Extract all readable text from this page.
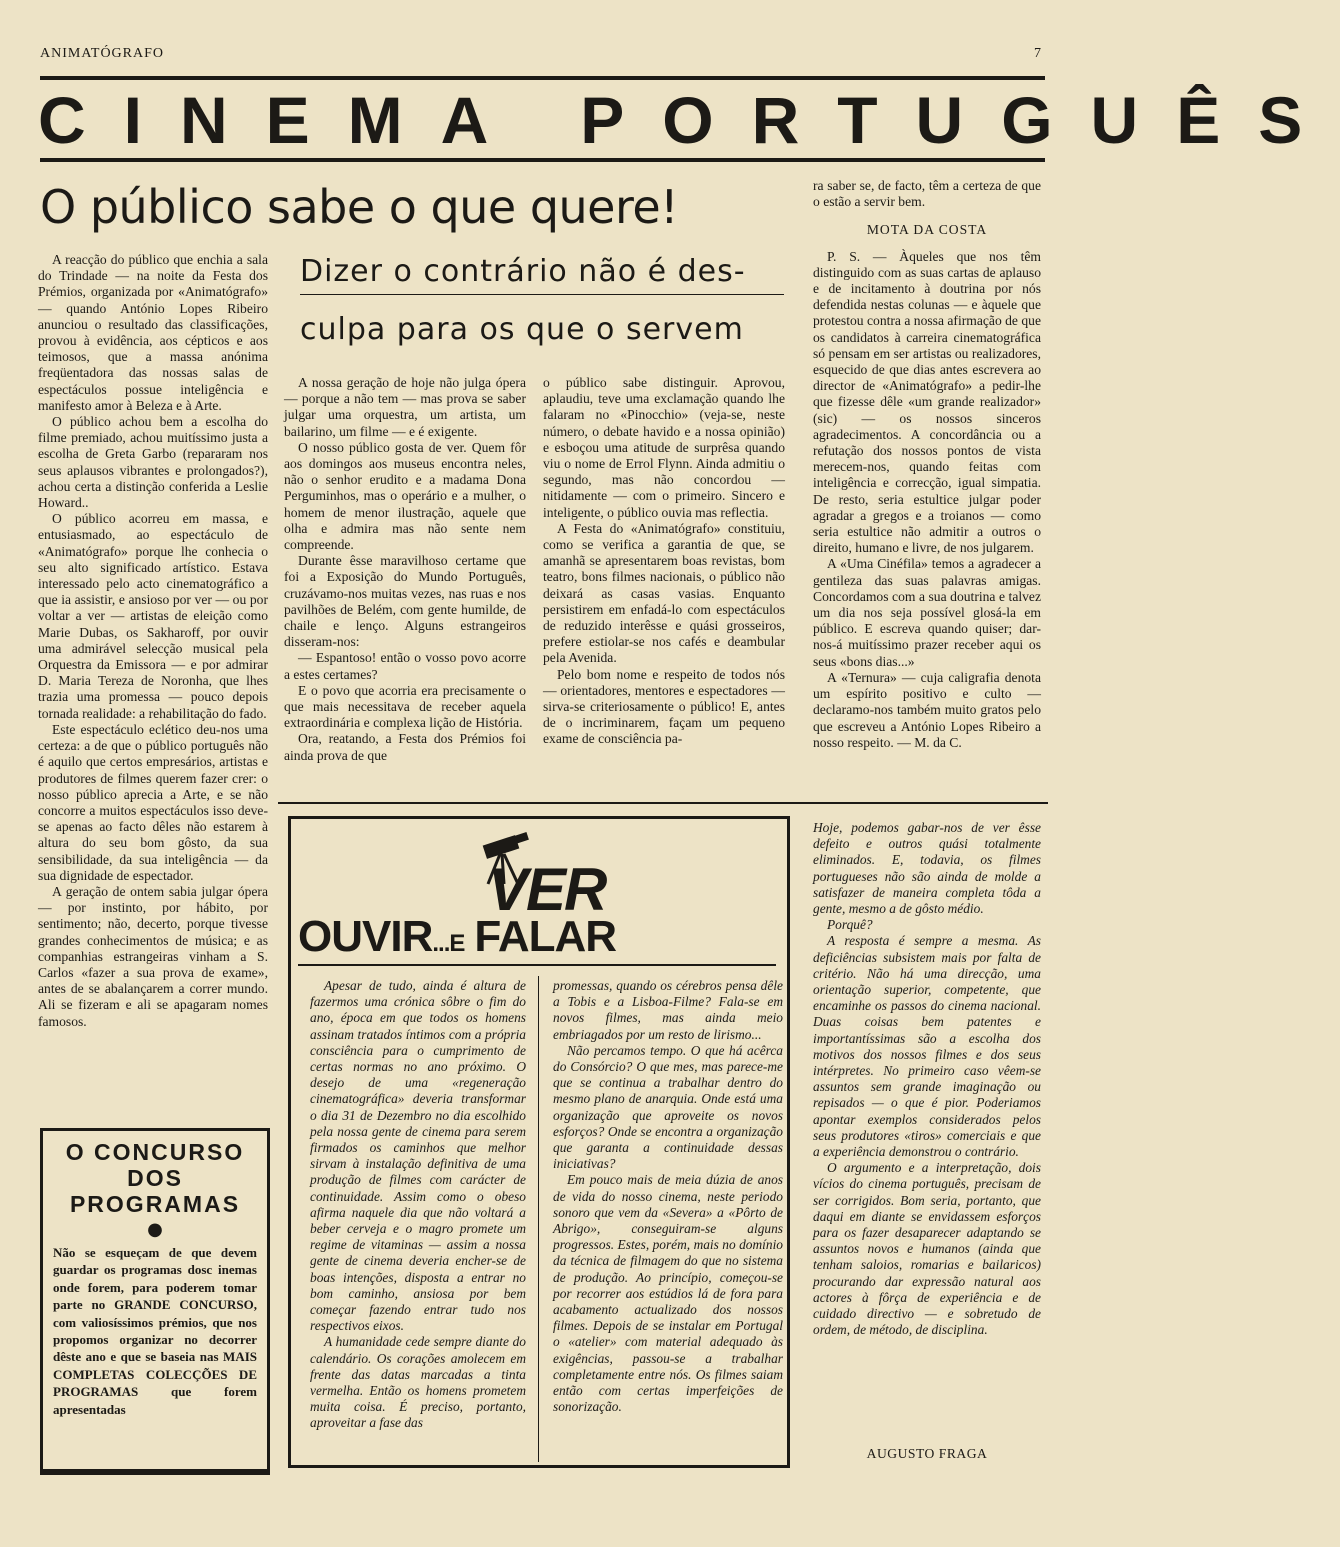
ANIMATÓGRAFO	7
CINEMA PORTUGUÊS
O público sabe o que quere!
Dizer o contrário não é des-
culpa para os que o servem

A reacção do público que enchia a sala do Trindade — na noite da Festa dos Prémios, organizada por «Animatógrafo» — quando António Lopes Ribeiro anunciou o resultado das classificações, provou à evidência, aos cépticos e aos teimosos, que a massa anónima freqüentadora das nossas salas de espectáculos possue inteligência e manifesto amor à Beleza e à Arte.

O público achou bem a escolha do filme premiado, achou muitíssimo justa a escolha de Greta Garbo (repararam nos seus aplausos vibrantes e prolongados?), achou certa a distinção conferida a Leslie Howard..

O público acorreu em massa, e entusiasmado, ao espectáculo de «Animatógrafo» porque lhe conhecia o seu alto significado artístico. Estava interessado pelo acto cinematográfico a que ia assistir, e ansioso por ver — ou por voltar a ver — artistas de eleição como Marie Dubas, os Sakharoff, por ouvir uma admirável selecção musical pela Orquestra da Emissora — e por admirar D. Maria Tereza de Noronha, que lhes trazia uma promessa — pouco depois tornada realidade: a rehabilitação do fado.

Este espectáculo eclético deu-nos uma certeza: a de que o público português não é aquilo que certos empresários, artistas e produtores de filmes querem fazer crer: o nosso público aprecia a Arte, e se não concorre a muitos espectáculos isso deve-se apenas ao facto dêles não estarem à altura do seu bom gôsto, da sua sensibilidade, da sua inteligência — da sua dignidade de espectador.

A geração de ontem sabia julgar ópera — por instinto, por hábito, por sentimento; não, decerto, porque tivesse grandes conhecimentos de música; e as companhias estrangeiras vinham a S. Carlos «fazer a sua prova de exame», antes de se abalançarem a correr mundo. Ali se fizeram e ali se apagaram nomes famosos.

O CONCURSO
DOS
PROGRAMAS
●
Não se esqueçam de que devem guardar os programas dosc inemas onde forem, para poderem tomar parte no GRANDE CONCURSO, com valiosíssimos prémios, que nos propomos organizar no decorrer dêste ano e que se baseia nas MAIS COMPLETAS COLECÇÕES DE PROGRAMAS que forem apresentadas

A nossa geração de hoje não julga ópera — porque a não tem — mas prova se saber julgar uma orquestra, um artista, um bailarino, um filme — e é exigente.

O nosso público gosta de ver. Quem fôr aos domingos aos museus encontra neles, não o senhor erudito e a madama Dona Perguminhos, mas o operário e a mulher, o homem de menor ilustração, aquele que olha e admira mas não sente nem compreende.

Durante êsse maravilhoso certame que foi a Exposição do Mundo Português, cruzávamo-nos muitas vezes, nas ruas e nos pavilhões de Belém, com gente humilde, de chaile e lenço. Alguns estrangeiros disseram-nos:

— Espantoso! então o vosso povo acorre a estes certames?

E o povo que acorria era precisamente o que mais necessitava de receber aquela extraordinária e complexa lição de História.

Ora, reatando, a Festa dos Prémios foi ainda prova de que

o público sabe distinguir. Aprovou, aplaudiu, teve uma exclamação quando lhe falaram no «Pinocchio» (veja-se, neste número, o debate havido e a nossa opinião) e esboçou uma atitude de surprêsa quando viu o nome de Errol Flynn. Ainda admitiu o segundo, mas não concordou — nitidamente — com o primeiro. Sincero e inteligente, o público ouvia mas reflectia.

A Festa do «Animatógrafo» constituiu, como se verifica a garantia de que, se amanhã se apresentarem boas revistas, bom teatro, bons filmes nacionais, o público não deixará as casas vasias. Enquanto persistirem em enfadá-lo com espectáculos de reduzido interêsse e quási grosseiros, prefere estiolar-se nos cafés e deambular pela Avenida.

Pelo bom nome e respeito de todos nós — orientadores, mentores e espectadores — sirva-se criteriosamente o público! E, antes de o incriminarem, façam um pequeno exame de consciência pa-

ra saber se, de facto, têm a certeza de que o estão a servir bem.

MOTA DA COSTA

P. S. — Àqueles que nos têm distinguido com as suas cartas de aplauso e de incitamento à doutrina por nós defendida nestas colunas — e àquele que protestou contra a nossa afirmação de que os candidatos à carreira cinematográfica só pensam em ser artistas ou realizadores, esquecido de que dias antes escrevera ao director de «Animatógrafo» a pedir-lhe que fizesse dêle «um grande realizador» (sic) — os nossos sinceros agradecimentos. A concordância ou a refutação dos nossos pontos de vista merecem-nos, quando feitas com inteligência e correcção, igual simpatia. De resto, seria estultice julgar poder agradar a gregos e a troianos — como seria estultice não admitir a outros o direito, humano e livre, de nos julgarem.

A «Uma Cinéfila» temos a agradecer a gentileza das suas palavras amigas. Concordamos com a sua doutrina e talvez um dia nos seja possível glosá-la em público. E escreva quando quiser; dar-nos-á muitíssimo prazer receber aqui os seus «bons dias...»

A «Ternura» — cuja caligrafia denota um espírito positivo e culto — declaramo-nos também muito gratos pelo que escreveu a António Lopes Ribeiro a nosso respeito. — M. da C.

VER
OUVIR...E FALAR

Apesar de tudo, ainda é altura de fazermos uma crónica sôbre o fim do ano, época em que todos os homens assinam tratados íntimos com a própria consciência para o cumprimento de certas normas no ano próximo. O desejo de uma «regeneração cinematográfica» deveria transformar o dia 31 de Dezembro no dia escolhido pela nossa gente de cinema para serem firmados os caminhos que melhor sirvam à instalação definitiva de uma produção de filmes com carácter de continuidade. Assim como o obeso afirma naquele dia que não voltará a beber cerveja e o magro promete um regime de vitaminas — assim a nossa gente de cinema deveria encher-se de boas intenções, disposta a entrar no bom caminho, ansiosa por bem começar fazendo entrar tudo nos respectivos eixos.

A humanidade cede sempre diante do calendário. Os corações amolecem em frente das datas marcadas a tinta vermelha. Então os homens prometem muita coisa. É preciso, portanto, aproveitar a fase das

promessas, quando os cérebros pensa dêle a Tobis e a Lisboa-Filme? Fala-se em novos filmes, mas ainda meio embriagados por um resto de lirismo...

Não percamos tempo. O que há acêrca do Consórcio? O que mes, mas parece-me que se continua a trabalhar dentro do mesmo plano de anarquia. Onde está uma organização que aproveite os novos esforços? Onde se encontra a organização que garanta a continuidade dessas iniciativas?

Em pouco mais de meia dúzia de anos de vida do nosso cinema, neste periodo sonoro que vem da «Severa» a «Pôrto de Abrigo», conseguiram-se alguns progressos. Estes, porém, mais no domínio da técnica de filmagem do que no sistema de produção. Ao princípio, começou-se por recorrer aos estúdios lá de fora para acabamento actualizado dos nossos filmes. Depois de se instalar em Portugal o «atelier» com material adequado às exigências, passou-se a trabalhar completamente entre nós. Os filmes saiam então com certas imperfeições de sonorização.

Hoje, podemos gabar-nos de ver êsse defeito e outros quási totalmente eliminados. E, todavia, os filmes portugueses não são ainda de molde a satisfazer de maneira completa tôda a gente, mesmo a de gôsto médio.

Porquê?

A resposta é sempre a mesma. As deficiências subsistem mais por falta de critério. Não há uma direcção, uma orientação superior, competente, que encaminhe os passos do cinema nacional. Duas coisas bem patentes e importantíssimas são a escolha dos motivos dos nossos filmes e dos seus intérpretes. No primeiro caso vêem-se assuntos sem grande imaginação ou repisados — o que é pior. Poderiamos apontar exemplos considerados pelos seus produtores «tiros» comerciais e que a experiência demonstrou o contrário.

O argumento e a interpretação, dois vícios do cinema português, precisam de ser corrigidos. Bom seria, portanto, que daqui em diante se envidassem esforços para os fazer desaparecer adaptando se assuntos novos e humanos (ainda que tenham saloios, romarias e bailaricos) procurando dar expressão natural aos actores à fôrça de experiência e de cuidado directivo — e sobretudo de ordem, de método, de disciplina.

AUGUSTO FRAGA
